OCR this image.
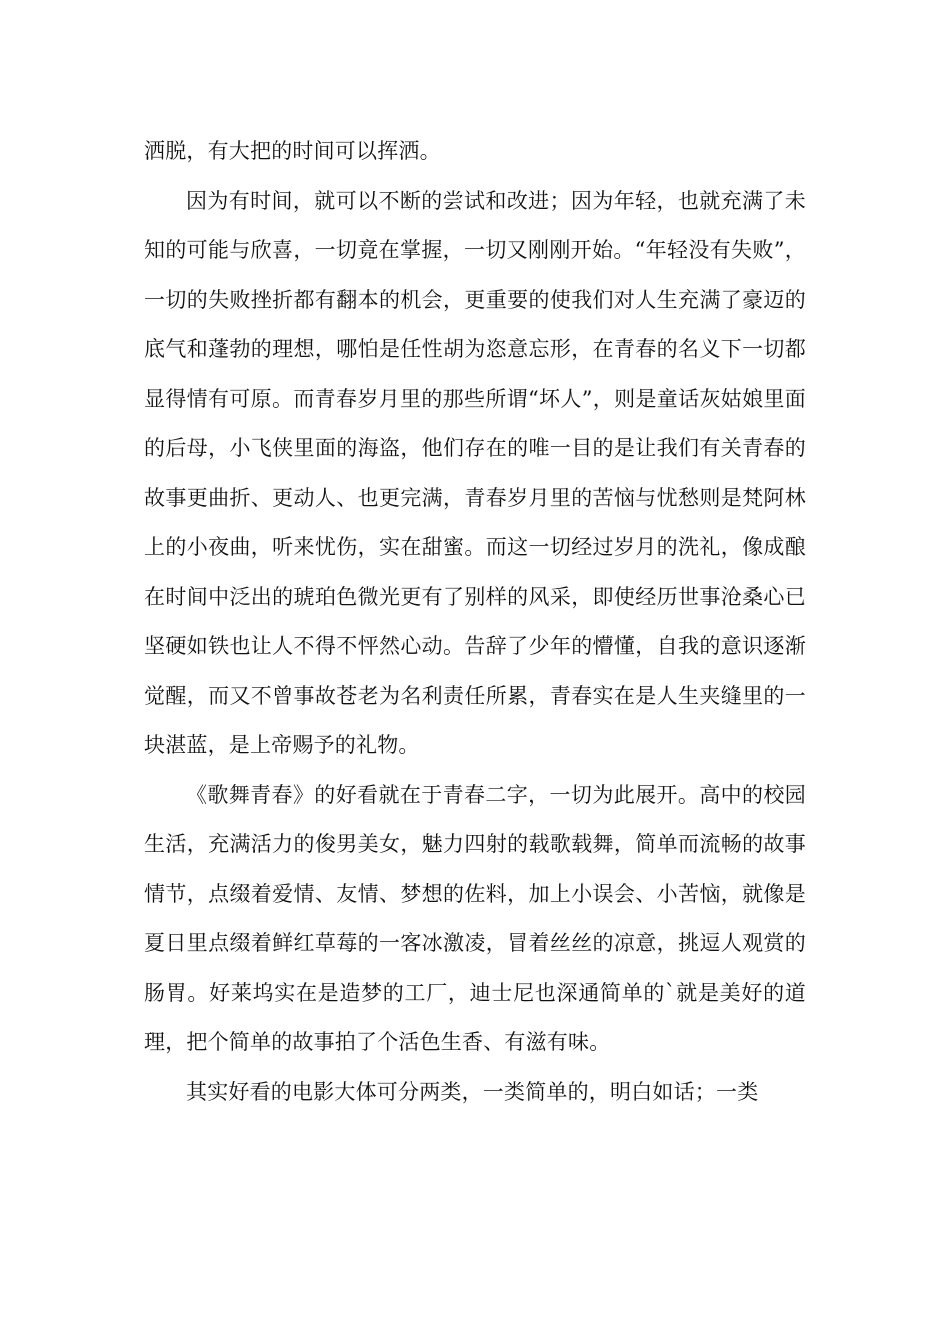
洒脱，有大把的时间可以挥洒。

因为有时间，就可以不断的尝试和改进；因为年轻，也就充满了未知的可能与欣喜，一切竟在掌握，一切又刚刚开始。“年轻没有失败”，一切的失败挫折都有翻本的机会，更重要的使我们对人生充满了豪迈的底气和蓬勃的理想，哪怕是任性胡为恣意忘形，在青春的名义下一切都显得情有可原。而青春岁月里的那些所谓“坏人”，则是童话灰姑娘里面的后母，小飞侠里面的海盗，他们存在的唯一目的是让我们有关青春的故事更曲折、更动人、也更完满，青春岁月里的苦恼与忧愁则是梵阿林上的小夜曲，听来忧伤，实在甜蜜。而这一切经过岁月的洗礼，像成酿在时间中泛出的琥珀色微光更有了别样的风采，即使经历世事沧桑心已坚硬如铁也让人不得不怦然心动。告辞了少年的懵懂，自我的意识逐渐觉醒，而又不曾事故苍老为名利责任所累，青春实在是人生夹缝里的一块湛蓝，是上帝赐予的礼物。

《歌舞青春》的好看就在于青春二字，一切为此展开。高中的校园生活，充满活力的俊男美女，魅力四射的载歌载舞，简单而流畅的故事情节，点缀着爱情、友情、梦想的佐料，加上小误会、小苦恼，就像是夏日里点缀着鲜红草莓的一客冰激凌，冒着丝丝的凉意，挑逗人观赏的肠胃。好莱坞实在是造梦的工厂，迪士尼也深通简单的`就是美好的道理，把个简单的故事拍了个活色生香、有滋有味。

其实好看的电影大体可分两类，一类简单的，明白如话；一类
